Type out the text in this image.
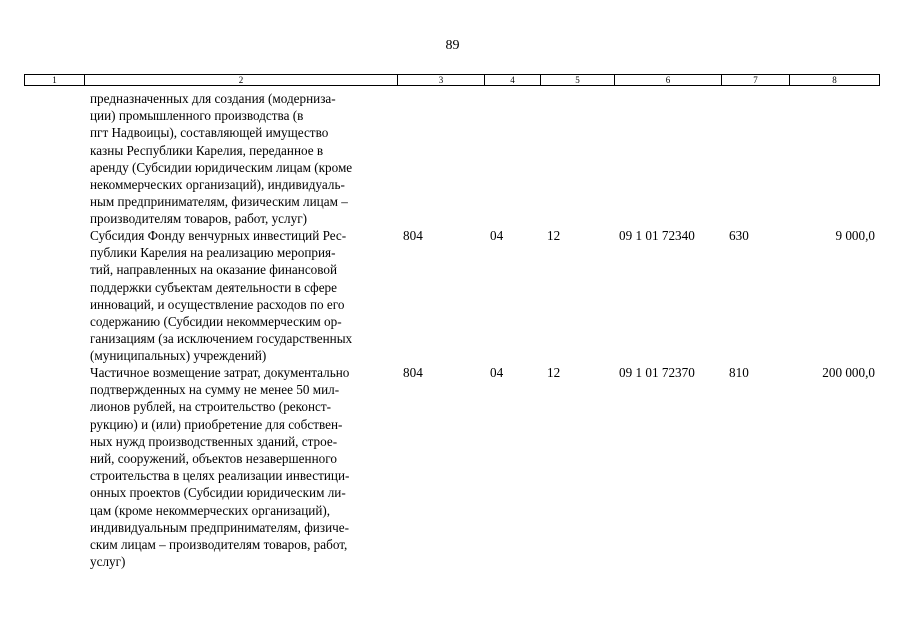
89
1	2	3	4	5	6	7	8
предназначенных для создания (модерниза-
ции) промышленного производства (в
пгт Надвоицы), составляющей имущество
казны Республики Карелия, переданное в
аренду (Субсидии юридическим лицам (кроме
некоммерческих организаций), индивидуаль-
ным предпринимателям, физическим лицам –
производителям товаров, работ, услуг)
Субсидия Фонду венчурных инвестиций Рес-
публики Карелия на реализацию мероприя-
тий, направленных на оказание финансовой
поддержки субъектам деятельности в сфере
инноваций, и осуществление расходов по его
содержанию (Субсидии некоммерческим ор-
ганизациям (за исключением государственных
(муниципальных) учреждений)
804	04	12	09 1 01 72340	630	9 000,0
Частичное возмещение затрат, документально
подтвержденных на сумму не менее 50 мил-
лионов рублей, на строительство (реконст-
рукцию) и (или) приобретение для собствен-
ных нужд производственных зданий, строе-
ний, сооружений, объектов незавершенного
строительства в целях реализации инвестици-
онных проектов (Субсидии юридическим ли-
цам (кроме некоммерческих организаций),
индивидуальным предпринимателям, физиче-
ским лицам – производителям товаров, работ,
услуг)
804	04	12	09 1 01 72370	810	200 000,0
